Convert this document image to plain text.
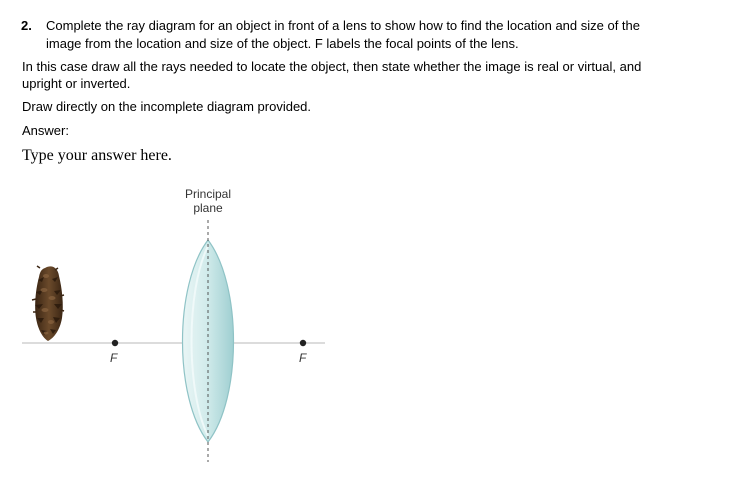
2. Complete the ray diagram for an object in front of a lens to show how to find the location and size of the
image from the location and size of the object. F labels the focal points of the lens.
In this case draw all the rays needed to locate the object, then state whether the image is real or virtual, and
upright or inverted.
Draw directly on the incomplete diagram provided.
Answer:
Type your answer here.
Principal
plane
F	F
